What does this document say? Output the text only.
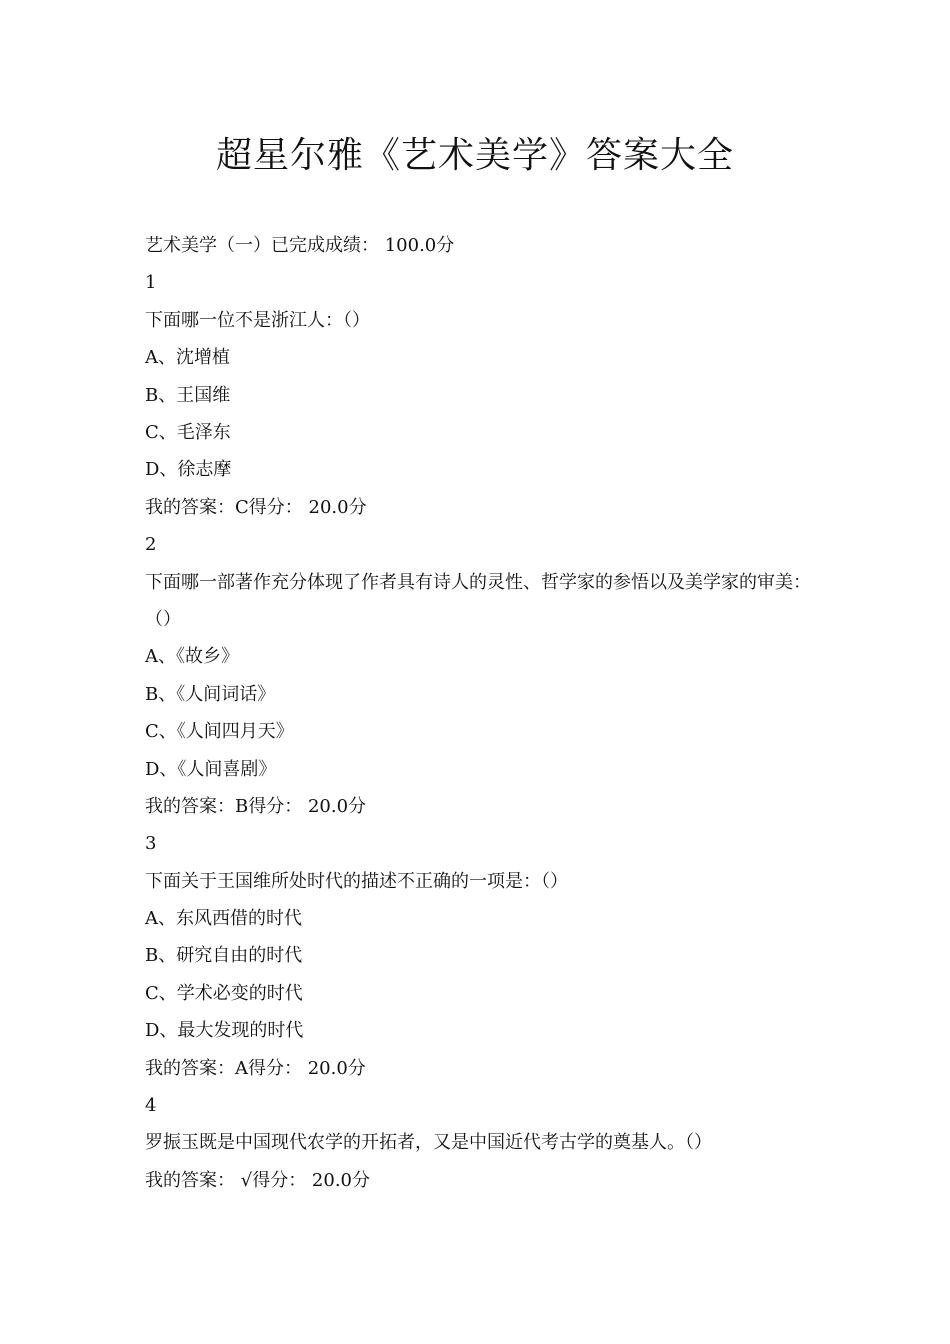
超星尔雅《艺术美学》答案大全
艺术美学（一）已完成成绩： 100.0分
1
下面哪一位不是浙江人：（）
A、沈增植
B、王国维
C、毛泽东
D、徐志摩
我的答案：C得分： 20.0分
2
下面哪一部著作充分体现了作者具有诗人的灵性、哲学家的参悟以及美学家的审美：（）
A、《故乡》
B、《人间词话》
C、《人间四月天》
D、《人间喜剧》
我的答案：B得分： 20.0分
3
下面关于王国维所处时代的描述不正确的一项是：（）
A、东风西借的时代
B、研究自由的时代
C、学术必变的时代
D、最大发现的时代
我的答案：A得分： 20.0分
4
罗振玉既是中国现代农学的开拓者，又是中国近代考古学的奠基人。（）
我的答案： √得分： 20.0分
